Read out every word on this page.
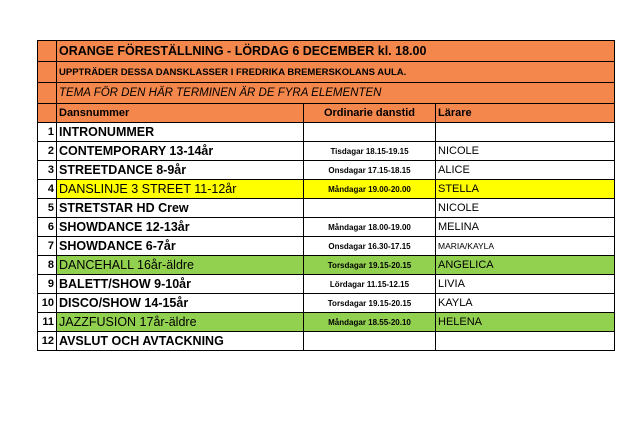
	ORANGE FÖRESTÄLLNING - LÖRDAG 6 DECEMBER kl. 18.00		
	UPPTRÄDER DESSA DANSKLASSER I FREDRIKA BREMERSKOLANS AULA.		
	TEMA FÖR DEN HÄR TERMINEN ÄR DE FYRA ELEMENTEN		
	Dansnummer	Ordinarie danstid	Lärare
1	INTRONUMMER		
2	CONTEMPORARY 13-14år	Tisdagar 18.15-19.15	NICOLE
3	STREETDANCE 8-9år	Onsdagar 17.15-18.15	ALICE
4	DANSLINJE 3 STREET 11-12år	Måndagar 19.00-20.00	STELLA
5	STRETSTAR HD Crew		NICOLE
6	SHOWDANCE 12-13år	Måndagar 18.00-19.00	MELINA
7	SHOWDANCE 6-7år	Onsdagar 16.30-17.15	MARIA/KAYLA
8	DANCEHALL 16år-äldre	Torsdagar 19.15-20.15	ANGELICA
9	BALETT/SHOW 9-10år	Lördagar 11.15-12.15	LIVIA
10	DISCO/SHOW 14-15år	Torsdagar 19.15-20.15	KAYLA
11	JAZZFUSION 17år-äldre	Måndagar 18.55-20.10	HELENA
12	AVSLUT OCH AVTACKNING		
